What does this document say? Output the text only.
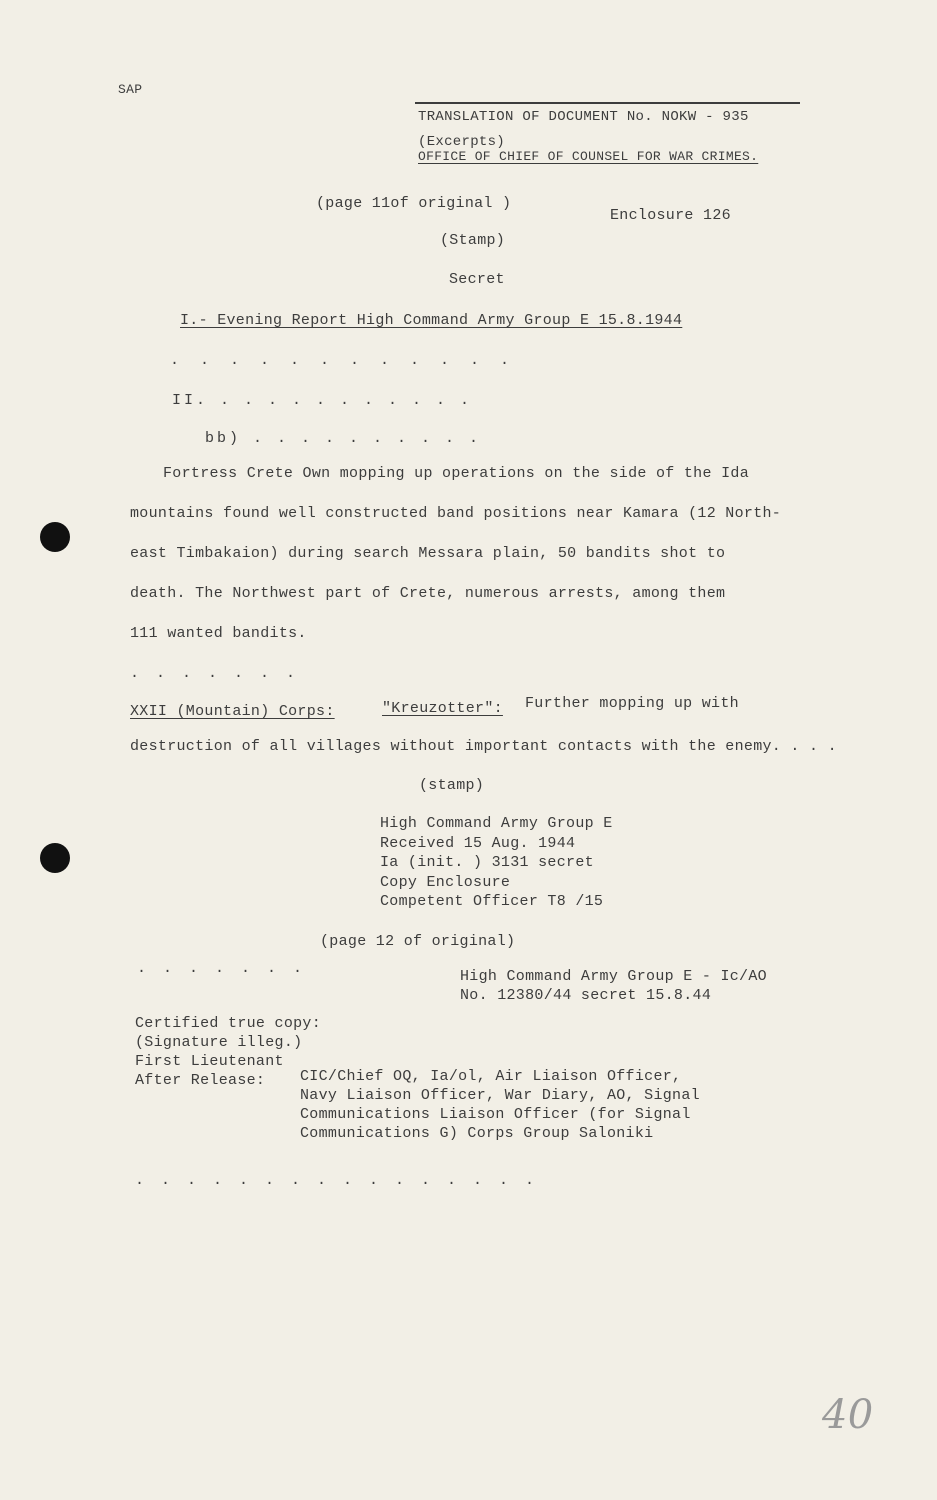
SAP
TRANSLATION OF DOCUMENT No. NOKW - 935
(Excerpts)
OFFICE OF CHIEF OF COUNSEL FOR WAR CRIMES.
(page 11of original )
Enclosure 126
(Stamp)
Secret
I.- Evening Report High Command Army Group E 15.8.1944
. . . . . . . . . . . .
II. . . . . . . . . . . .
bb) . . . . . . . . . .
Fortress Crete Own mopping up operations on the side of the Ida
mountains found well constructed band positions near Kamara (12 North-
east Timbakaion) during search Messara plain, 50 bandits shot to
death. The Northwest part of Crete, numerous arrests, among them
111 wanted bandits.
. . . . . . .
XXII (Mountain) Corps:	"Kreuzotter": Further mopping up with
destruction of all villages without important contacts with the enemy. . . .
(stamp)
High Command Army Group E
Received 15 Aug. 1944
Ia (init. ) 3131 secret
Copy Enclosure
Competent Officer T8 /15
(page 12 of original)
. . . . . . .	High Command Army Group E - Ic/AO
No. 12380/44 secret 15.8.44
Certified true copy:
(Signature illeg.)
First Lieutenant
After Release: CIC/Chief OQ, Ia/ol, Air Liaison Officer,
Navy Liaison Officer, War Diary, AO, Signal
Communications Liaison Officer (for Signal
Communications G) Corps Group Saloniki
. . . . . . . . . . . . . . . .
40
